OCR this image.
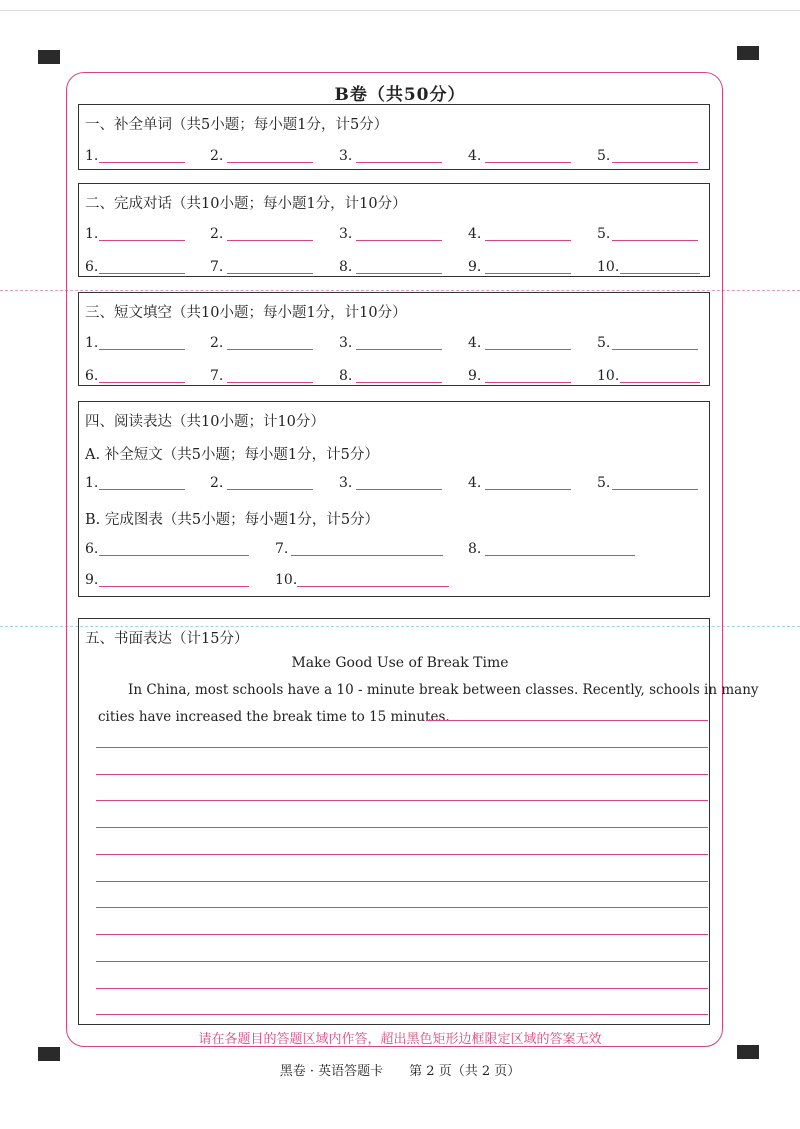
B卷（共50分）
一、补全单词（共5小题；每小题1分，计5分）
1.	2.	3.	4.	5.
二、完成对话（共10小题；每小题1分，计10分）
1.	2.	3.	4.	5.
6.	7.	8.	9.	10.
三、短文填空（共10小题；每小题1分，计10分）
1.	2.	3.	4.	5.
6.	7.	8.	9.	10.
四、阅读表达（共10小题；计10分）
A. 补全短文（共5小题；每小题1分，计5分）
1.	2.	3.	4.	5.
B. 完成图表（共5小题；每小题1分，计5分）
6.	7.	8.
9.	10.
五、书面表达（计15分）
Make Good Use of Break Time
In China, most schools have a 10 - minute break between classes. Recently, schools in many
cities have increased the break time to 15 minutes.
请在各题目的答题区域内作答，超出黑色矩形边框限定区域的答案无效
黑卷 · 英语答题卡　　第 2 页（共 2 页）
